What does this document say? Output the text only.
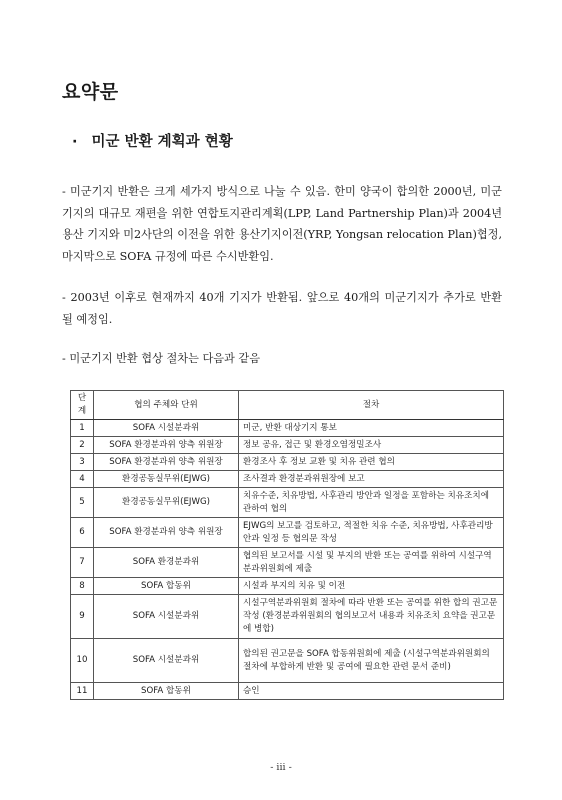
요약문
· 미군 반환 계획과 현황

- 미군기지 반환은 크게 세가지 방식으로 나눌 수 있음. 한미 양국이 합의한 2000년, 미군기지의 대규모 재편을 위한 연합토지관리계획(LPP, Land Partnership Plan)과 2004년 용산 기지와 미2사단의 이전을 위한 용산기지이전(YRP, Yongsan relocation Plan)협정, 마지막으로 SOFA 규정에 따른 수시반환임.

- 2003년 이후로 현재까지 40개 기지가 반환됨. 앞으로 40개의 미군기지가 추가로 반환 될 예정임.

- 미군기지 반환 협상 절차는 다음과 같음

단계	협의 주체와 단위	절차
1	SOFA 시설분과위	미군, 반환 대상기지 통보
2	SOFA 환경분과위 양측 위원장	정보 공유, 접근 및 환경오염정밀조사
3	SOFA 환경분과위 양측 위원장	환경조사 후 정보 교환 및 치유 관련 협의
4	환경공동실무위(EJWG)	조사결과 환경분과위원장에 보고
5	환경공동실무위(EJWG)	치유수준, 치유방법, 사후관리 방안과 일정을 포함하는 치유조치에 관하여 협의
6	SOFA 환경분과위 양측 위원장	EJWG의 보고를 검토하고, 적절한 치유 수준, 치유방법, 사후관리방안과 일정 등 협의문 작성
7	SOFA 환경분과위	협의된 보고서를 시설 및 부지의 반환 또는 공여를 위하여 시설구역분과위원회에 제출
8	SOFA 합동위	시설과 부지의 치유 및 이전
9	SOFA 시설분과위	시설구역분과위원회 절차에 따라 반환 또는 공여를 위한 합의 권고문 작성 (환경분과위원회의 협의보고서 내용과 치유조치 요약을 권고문에 병합)
10	SOFA 시설분과위	합의된 권고문을 SOFA 합동위원회에 제출 (시설구역분과위원회의 절차에 부합하게 반환 및 공여에 필요한 관련 문서 준비)
11	SOFA 합동위	승인
- iii -
